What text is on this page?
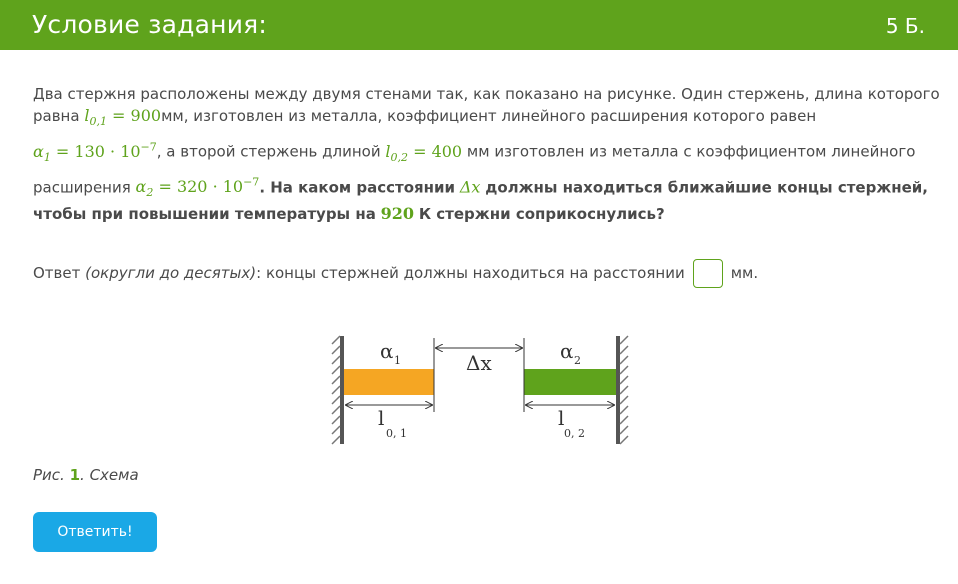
Условие задания:	5 Б.
Два стержня расположены между двумя стенами так, как показано на рисунке. Один стержень, длина которого
равна $l_{0,1} = 900мм$, изготовлен из металла, коэффициент линейного расширения которого равен
$\alpha_1 = 130 \cdot 10^{-7}$, а второй стержень длиной $l_{0,2} = 400$ мм изготовлен из металла с коэффициентом линейного
расширения $\alpha_2 = 320 \cdot 10^{-7}$. На каком расстоянии Δx должны находиться ближайшие концы стержней,
чтобы при повышении температуры на 920 К стержни соприкоснулись?
Ответ
(округли до десятых) : концы стержней должны находиться на расстоянии	мм.
α 1	Δx	α 2
l
0, 1
l
0, 2
Рис. 1. Схема
Ответить!
